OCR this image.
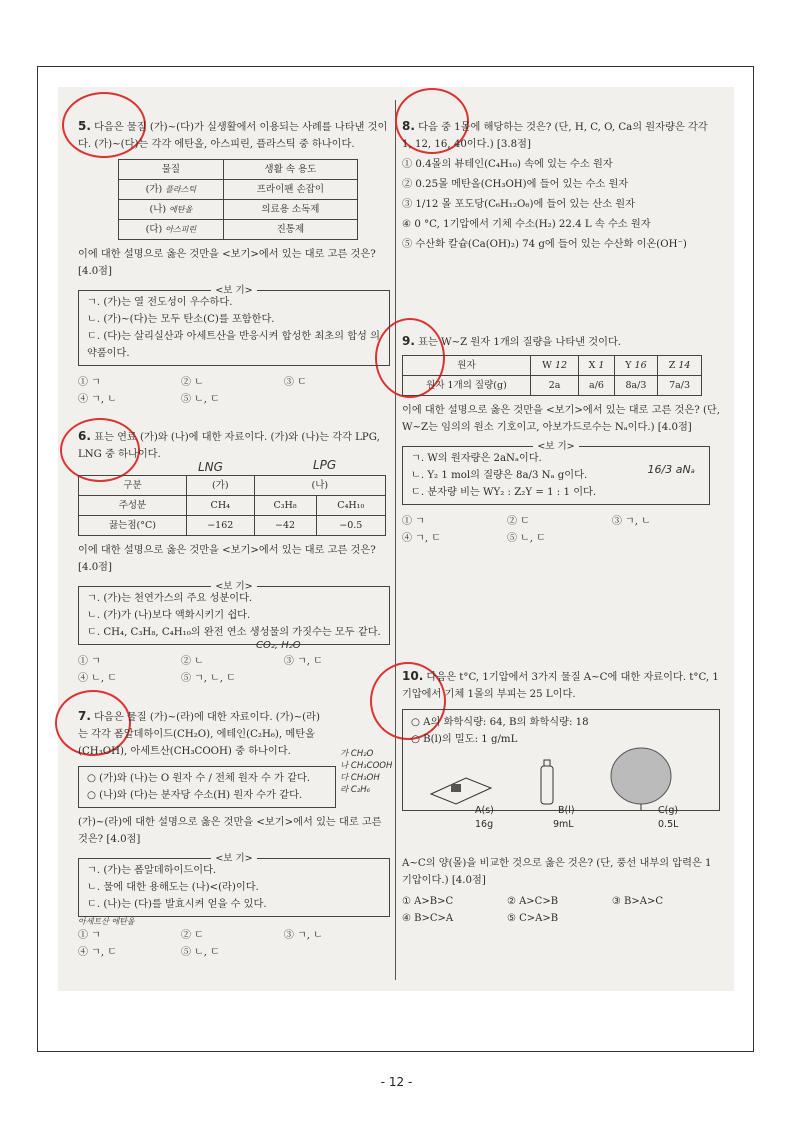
5. 다음은 물질 (가)~(다)가 실생활에서 이용되는 사례를 나타낸 것이다. (가)~(다)는 각각 에탄올, 아스피린, 플라스틱 중 하나이다.

물질	생활 속 용도
(가) 플라스틱	프라이팬 손잡이
(나) 에탄올	의료용 소독제
(다) 아스피린	진통제

이에 대한 설명으로 옳은 것만을 <보기>에서 있는 대로 고른 것은? [4.0점]

<보 기>

ㄱ. (가)는 열 전도성이 우수하다.

ㄴ. (가)~(다)는 모두 탄소(C)를 포함한다.

ㄷ. (다)는 살리실산과 아세트산을 반응시켜 합성한 최초의 합성 의약품이다.

① ㄱ	② ㄴ	③ ㄷ
④ ㄱ, ㄴ	⑤ ㄴ, ㄷ

6. 표는 연료 (가)와 (나)에 대한 자료이다. (가)와 (나)는 각각 LPG, LNG 중 하나이다.

LNG	LPG
구분	(가)	(나)	
주성분	CH₄	C₃H₈	C₄H₁₀
끓는점(°C)	−162	−42	−0.5

이에 대한 설명으로 옳은 것만을 <보기>에서 있는 대로 고른 것은? [4.0점]

<보 기>

ㄱ. (가)는 천연가스의 주요 성분이다.

ㄴ. (가)가 (나)보다 액화시키기 쉽다.

ㄷ. CH₄, C₃H₈, C₄H₁₀의 완전 연소 생성물의 가짓수는 모두 같다.

CO₂, H₂O
① ㄱ	② ㄴ	③ ㄱ, ㄷ
④ ㄴ, ㄷ	⑤ ㄱ, ㄴ, ㄷ

7. 다음은 물질 (가)~(라)에 대한 자료이다. (가)~(라)는 각각 폼알데하이드(CH₂O), 에테인(C₂H₆), 메탄올(CH₃OH), 아세트산(CH₃COOH) 중 하나이다.	가 CH₂O
나 CH₃COOH
다 CH₃OH
라 C₂H₆

○ (가)와 (나)는 O 원자 수 / 전체 원자 수 가 같다.

○ (나)와 (다)는 분자당 수소(H) 원자 수가 같다.

(가)~(라)에 대한 설명으로 옳은 것만을 <보기>에서 있는 대로 고른 것은? [4.0점]

<보 기>

ㄱ. (가)는 폼알데하이드이다.

ㄴ. 물에 대한 용해도는 (나)<(라)이다.

ㄷ. (나)는 (다)를 발효시켜 얻을 수 있다.

아세트산 에탄올
① ㄱ	② ㄷ	③ ㄱ, ㄴ
④ ㄱ, ㄷ	⑤ ㄴ, ㄷ

8. 다음 중 1몰에 해당하는 것은? (단, H, C, O, Ca의 원자량은 각각 1, 12, 16, 40이다.) [3.8점]

① 0.4몰의 뷰테인(C₄H₁₀) 속에 있는 수소 원자

② 0.25몰 메탄올(CH₃OH)에 들어 있는 수소 원자

③ 1/12 몰 포도당(C₆H₁₂O₆)에 들어 있는 산소 원자

④ 0 °C, 1기압에서 기체 수소(H₂) 22.4 L 속 수소 원자

⑤ 수산화 칼슘(Ca(OH)₂) 74 g에 들어 있는 수산화 이온(OH⁻)

9. 표는 W~Z 원자 1개의 질량을 나타낸 것이다.

원자	W 12	X 1	Y 16	Z 14
원자 1개의 질량(g)	2a	a/6	8a/3	7a/3

이에 대한 설명으로 옳은 것만을 <보기>에서 있는 대로 고른 것은? (단, W~Z는 임의의 원소 기호이고, 아보가드로수는 Nₐ이다.) [4.0점]

<보 기>

ㄱ. W의 원자량은 2aNₐ이다.

ㄴ. Y₂ 1 mol의 질량은 8a/3 Nₐ g이다.

ㄷ. 분자량 비는 WY₂ : Z₂Y = 1 : 1 이다.

16/3 aNₐ
① ㄱ	② ㄷ	③ ㄱ, ㄴ
④ ㄱ, ㄷ	⑤ ㄴ, ㄷ

10. 다음은 t°C, 1기압에서 3가지 물질 A~C에 대한 자료이다. t°C, 1기압에서 기체 1몰의 부피는 25 L이다.

○ A의 화학식량: 64, B의 화학식량: 18

○ B(l)의 밀도: 1 g/mL

A(s)
16g
B(l)
9mL
C(g)
0.5L

A~C의 양(몰)을 비교한 것으로 옳은 것은? (단, 풍선 내부의 압력은 1기압이다.) [4.0점]

① A>B>C	② A>C>B	③ B>A>C
④ B>C>A	⑤ C>A>B
- 12 -
